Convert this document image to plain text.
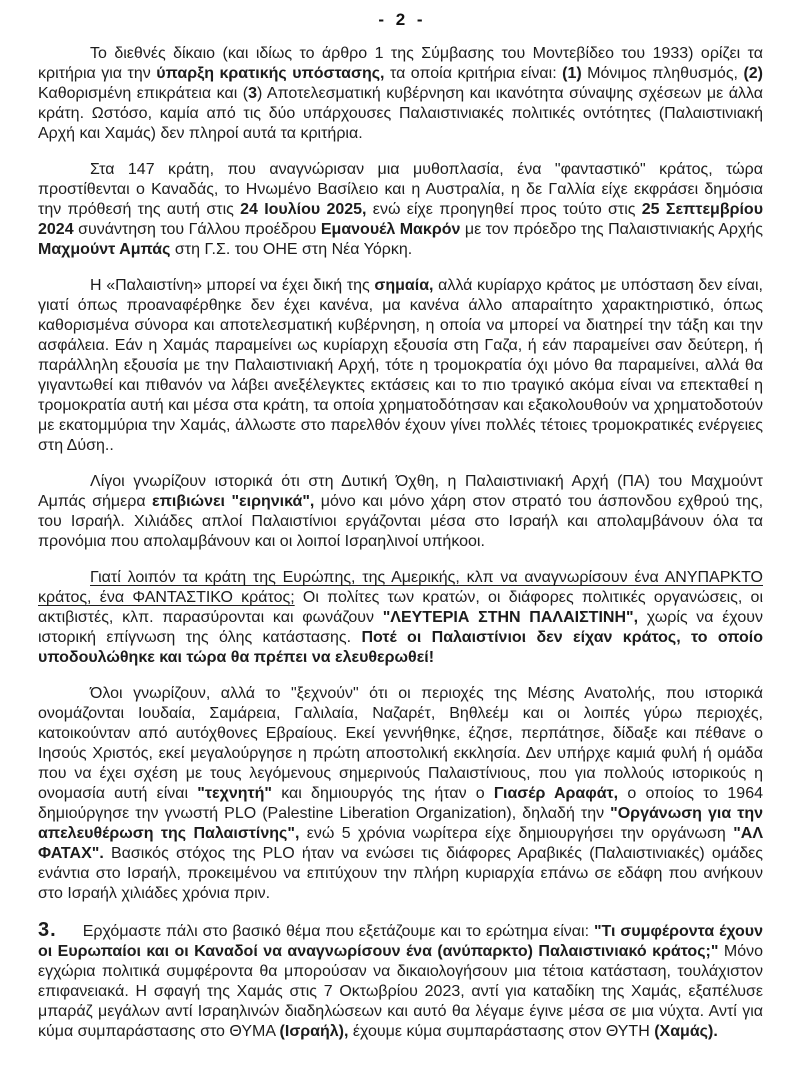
- 2 -

Το διεθνές δίκαιο (και ιδίως το άρθρο 1 της Σύμβασης του Μοντεβίδεο του 1933) ορίζει τα κριτήρια για την ύπαρξη κρατικής υπόστασης, τα οποία κριτήρια είναι: (1) Μόνιμος πληθυσμός, (2) Καθορισμένη επικράτεια και (3) Αποτελεσματική κυβέρνηση και ικανότητα σύναψης σχέσεων με άλλα κράτη. Ωστόσο, καμία από τις δύο υπάρχουσες Παλαιστινιακές πολιτικές οντότητες (Παλαιστινιακή Αρχή και Χαμάς) δεν πληροί αυτά τα κριτήρια.

Στα 147 κράτη, που αναγνώρισαν μια μυθοπλασία, ένα "φανταστικό" κράτος, τώρα προστίθενται ο Καναδάς, το Ηνωμένο Βασίλειο και η Αυστραλία, η δε Γαλλία είχε εκφράσει δημόσια την πρόθεσή της αυτή στις 24 Ιουλίου 2025, ενώ είχε προηγηθεί προς τούτο στις 25 Σεπτεμβρίου 2024 συνάντηση του Γάλλου προέδρου Εμανουέλ Μακρόν με τον πρόεδρο της Παλαιστινιακής Αρχής Μαχμούντ Αμπάς στη Γ.Σ. του ΟΗΕ στη Νέα Υόρκη.

Η «Παλαιστίνη» μπορεί να έχει δική της σημαία, αλλά κυρίαρχο κράτος με υπόσταση δεν είναι, γιατί όπως προαναφέρθηκε δεν έχει κανένα, μα κανένα άλλο απαραίτητο χαρακτηριστικό, όπως καθορισμένα σύνορα και αποτελεσματική κυβέρνηση, η οποία να μπορεί να διατηρεί την τάξη και την ασφάλεια. Εάν η Χαμάς παραμείνει ως κυρίαρχη εξουσία στη Γαζα, ή εάν παραμείνει σαν δεύτερη, ή παράλληλη εξουσία με την Παλαιστινιακή Αρχή, τότε η τρομοκρατία όχι μόνο θα παραμείνει, αλλά θα γιγαντωθεί και πιθανόν να λάβει ανεξέλεγκτες εκτάσεις και το πιο τραγικό ακόμα είναι να επεκταθεί η τρομοκρατία αυτή και μέσα στα κράτη, τα οποία χρηματοδότησαν και εξακολουθούν να χρηματοδοτούν με εκατομμύρια την Χαμάς, άλλωστε στο παρελθόν έχουν γίνει πολλές τέτοιες τρομοκρατικές ενέργειες στη Δύση..

Λίγοι γνωρίζουν ιστορικά ότι στη Δυτική Όχθη, η Παλαιστινιακή Αρχή (ΠΑ) του Μαχμούντ Αμπάς σήμερα επιβιώνει "ειρηνικά", μόνο και μόνο χάρη στον στρατό του άσπονδου εχθρού της, του Ισραήλ. Χιλιάδες απλοί Παλαιστίνιοι εργάζονται μέσα στο Ισραήλ και απολαμβάνουν όλα τα προνόμια που απολαμβάνουν και οι λοιποί Ισραηλινοί υπήκοοι.

Γιατί λοιπόν τα κράτη της Ευρώπης, της Αμερικής, κλπ να αναγνωρίσουν ένα ΑΝΥΠΑΡΚΤΟ κράτος, ένα ΦΑΝΤΑΣΤΙΚΟ κράτος; Οι πολίτες των κρατών, οι διάφορες πολιτικές οργανώσεις, οι ακτιβιστές, κλπ. παρασύρονται και φωνάζουν "ΛΕΥΤΕΡΙΑ ΣΤΗΝ ΠΑΛΑΙΣΤΙΝΗ", χωρίς να έχουν ιστορική επίγνωση της όλης κατάστασης. Ποτέ οι Παλαιστίνιοι δεν είχαν κράτος, το οποίο υποδουλώθηκε και τώρα θα πρέπει να ελευθερωθεί!

Όλοι γνωρίζουν, αλλά το "ξεχνούν" ότι οι περιοχές της Μέσης Ανατολής, που ιστορικά ονομάζονται Ιουδαία, Σαμάρεια, Γαλιλαία, Ναζαρέτ, Βηθλεέμ και οι λοιπές γύρω περιοχές, κατοικούνταν από αυτόχθονες Εβραίους. Εκεί γεννήθηκε, έζησε, περπάτησε, δίδαξε και πέθανε ο Ιησούς Χριστός, εκεί μεγαλούργησε η πρώτη αποστολική εκκλησία. Δεν υπήρχε καμιά φυλή ή ομάδα που να έχει σχέση με τους λεγόμενους σημερινούς Παλαιστίνιους, που για πολλούς ιστορικούς η ονομασία αυτή είναι "τεχνητή" και δημιουργός της ήταν ο Γιασέρ Αραφάτ, ο οποίος το 1964 δημιούργησε την γνωστή PLO (Palestine Liberation Organization), δηλαδή την "Οργάνωση για την απελευθέρωση της Παλαιστίνης", ενώ 5 χρόνια νωρίτερα είχε δημιουργήσει την οργάνωση "ΑΛ ΦΑΤΑΧ". Βασικός στόχος της PLO ήταν να ενώσει τις διάφορες Αραβικές (Παλαιστινιακές) ομάδες ενάντια στο Ισραήλ, προκειμένου να επιτύχουν την πλήρη κυριαρχία επάνω σε εδάφη που ανήκουν στο Ισραήλ χιλιάδες χρόνια πριν.

3. Ερχόμαστε πάλι στο βασικό θέμα που εξετάζουμε και το ερώτημα είναι: "Τι συμφέροντα έχουν οι Ευρωπαίοι και οι Καναδοί να αναγνωρίσουν ένα (ανύπαρκτο) Παλαιστινιακό κράτος;" Μόνο εγχώρια πολιτικά συμφέροντα θα μπορούσαν να δικαιολογήσουν μια τέτοια κατάσταση, τουλάχιστον επιφανειακά. Η σφαγή της Χαμάς στις 7 Οκτωβρίου 2023, αντί για καταδίκη της Χαμάς, εξαπέλυσε μπαράζ μεγάλων αντί Ισραηλινών διαδηλώσεων και αυτό θα λέγαμε έγινε μέσα σε μια νύχτα. Αντί για κύμα συμπαράστασης στο ΘΥΜΑ (Ισραήλ), έχουμε κύμα συμπαράστασης στον ΘΥΤΗ (Χαμάς).
